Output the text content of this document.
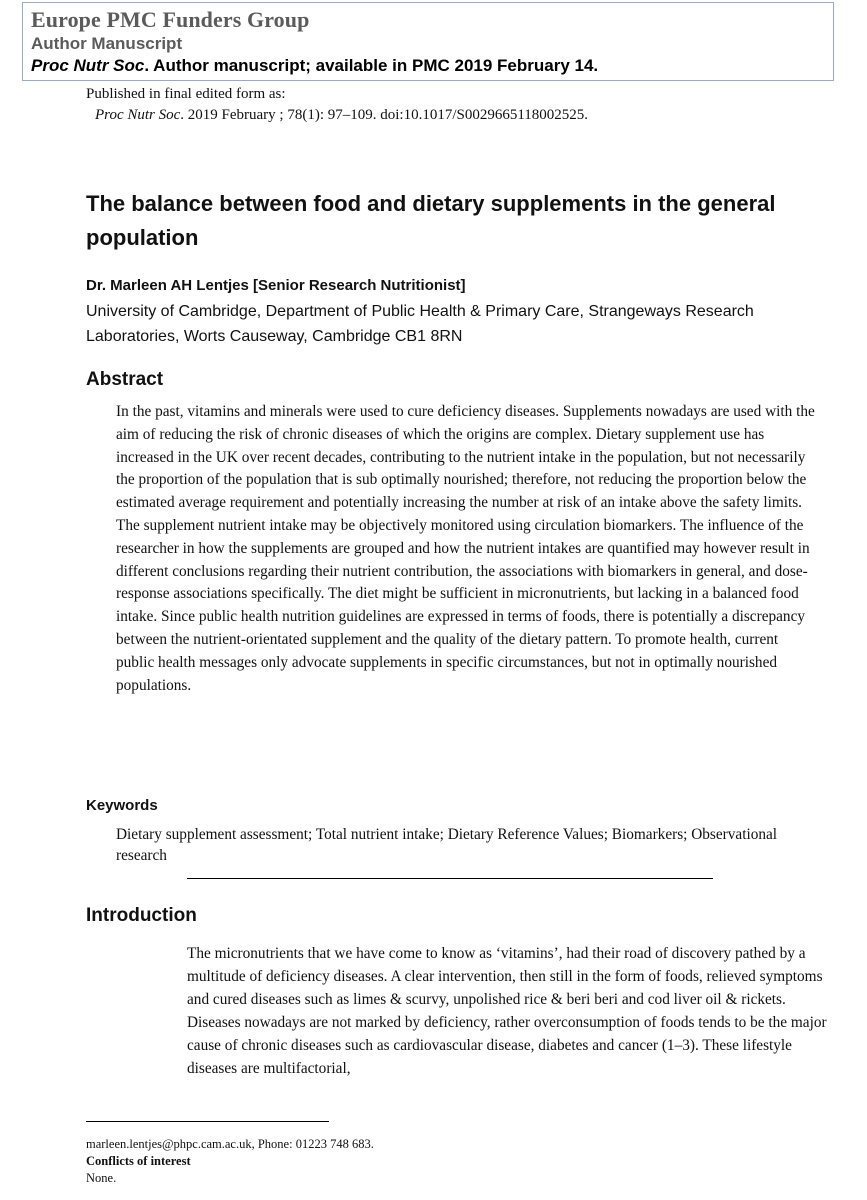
Europe PMC Funders Group
Author Manuscript
Proc Nutr Soc. Author manuscript; available in PMC 2019 February 14.
Published in final edited form as:
Proc Nutr Soc. 2019 February ; 78(1): 97–109. doi:10.1017/S0029665118002525.
The balance between food and dietary supplements in the general population
Dr. Marleen AH Lentjes [Senior Research Nutritionist]
University of Cambridge, Department of Public Health & Primary Care, Strangeways Research Laboratories, Worts Causeway, Cambridge CB1 8RN
Abstract

In the past, vitamins and minerals were used to cure deficiency diseases. Supplements nowadays are used with the aim of reducing the risk of chronic diseases of which the origins are complex. Dietary supplement use has increased in the UK over recent decades, contributing to the nutrient intake in the population, but not necessarily the proportion of the population that is sub optimally nourished; therefore, not reducing the proportion below the estimated average requirement and potentially increasing the number at risk of an intake above the safety limits. The supplement nutrient intake may be objectively monitored using circulation biomarkers. The influence of the researcher in how the supplements are grouped and how the nutrient intakes are quantified may however result in different conclusions regarding their nutrient contribution, the associations with biomarkers in general, and dose-response associations specifically. The diet might be sufficient in micronutrients, but lacking in a balanced food intake. Since public health nutrition guidelines are expressed in terms of foods, there is potentially a discrepancy between the nutrient-orientated supplement and the quality of the dietary pattern. To promote health, current public health messages only advocate supplements in specific circumstances, but not in optimally nourished populations.

Keywords

Dietary supplement assessment; Total nutrient intake; Dietary Reference Values; Biomarkers; Observational research

Introduction

The micronutrients that we have come to know as ‘vitamins’, had their road of discovery pathed by a multitude of deficiency diseases. A clear intervention, then still in the form of foods, relieved symptoms and cured diseases such as limes & scurvy, unpolished rice & beri beri and cod liver oil & rickets. Diseases nowadays are not marked by deficiency, rather overconsumption of foods tends to be the major cause of chronic diseases such as cardiovascular disease, diabetes and cancer (1–3). These lifestyle diseases are multifactorial,

marleen.lentjes@phpc.cam.ac.uk, Phone: 01223 748 683.
Conflicts of interest
None.
